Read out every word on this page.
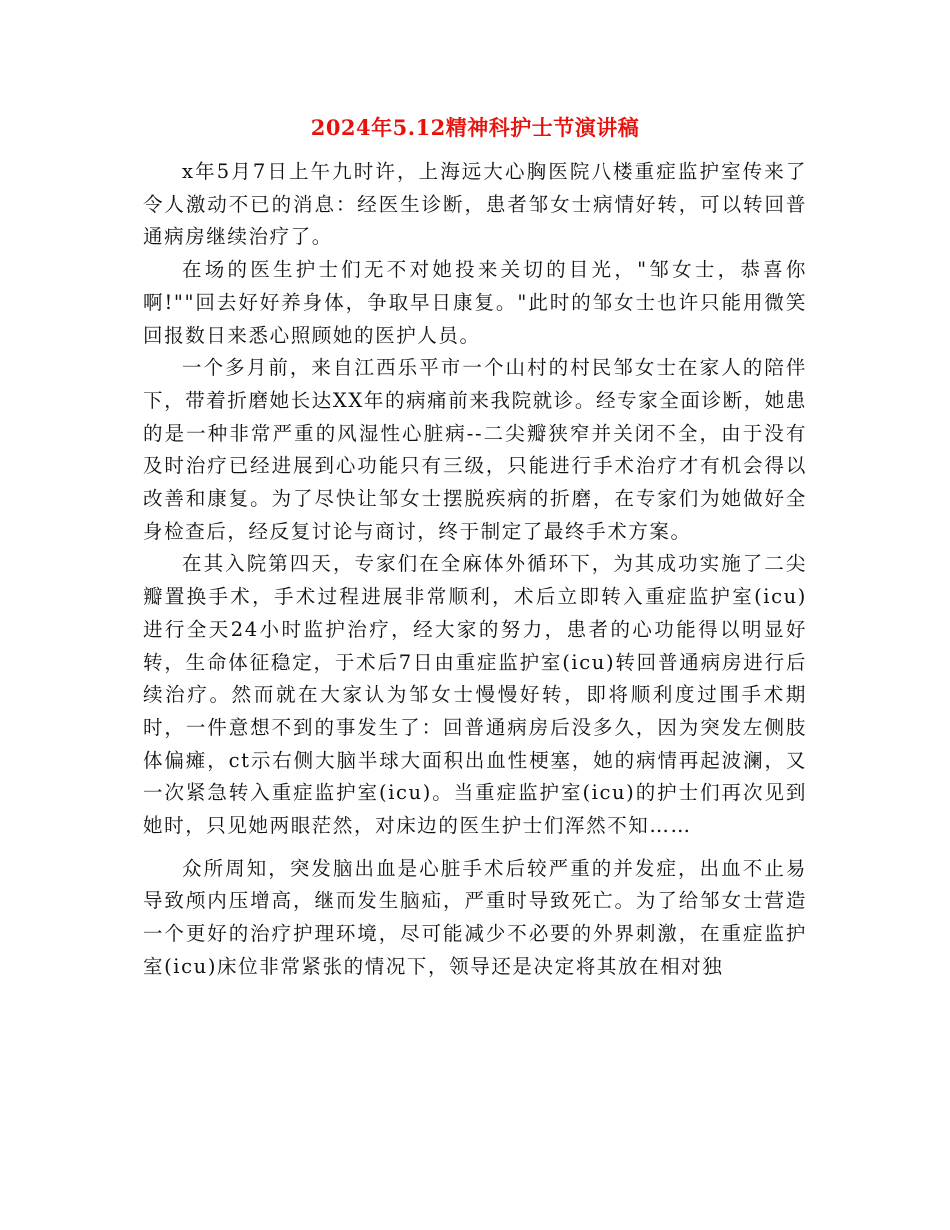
2024年5.12精神科护士节演讲稿

x年5月7日上午九时许，上海远大心胸医院八楼重症监护室传来了令人激动不已的消息：经医生诊断，患者邹女士病情好转，可以转回普通病房继续治疗了。

在场的医生护士们无不对她投来关切的目光，"邹女士，恭喜你啊!""回去好好养身体，争取早日康复。"此时的邹女士也许只能用微笑回报数日来悉心照顾她的医护人员。

一个多月前，来自江西乐平市一个山村的村民邹女士在家人的陪伴下，带着折磨她长达XX年的病痛前来我院就诊。经专家全面诊断，她患的是一种非常严重的风湿性心脏病--二尖瓣狭窄并关闭不全，由于没有及时治疗已经进展到心功能只有三级，只能进行手术治疗才有机会得以改善和康复。为了尽快让邹女士摆脱疾病的折磨，在专家们为她做好全身检查后，经反复讨论与商讨，终于制定了最终手术方案。

在其入院第四天，专家们在全麻体外循环下，为其成功实施了二尖瓣置换手术，手术过程进展非常顺利，术后立即转入重症监护室(icu)进行全天24小时监护治疗，经大家的努力，患者的心功能得以明显好转，生命体征稳定，于术后7日由重症监护室(icu)转回普通病房进行后续治疗。然而就在大家认为邹女士慢慢好转，即将顺利度过围手术期时，一件意想不到的事发生了：回普通病房后没多久，因为突发左侧肢体偏瘫，ct示右侧大脑半球大面积出血性梗塞，她的病情再起波澜，又一次紧急转入重症监护室(icu)。当重症监护室(icu)的护士们再次见到她时，只见她两眼茫然，对床边的医生护士们浑然不知……

众所周知，突发脑出血是心脏手术后较严重的并发症，出血不止易导致颅内压增高，继而发生脑疝，严重时导致死亡。为了给邹女士营造一个更好的治疗护理环境，尽可能减少不必要的外界刺激，在重症监护室(icu)床位非常紧张的情况下，领导还是决定将其放在相对独
